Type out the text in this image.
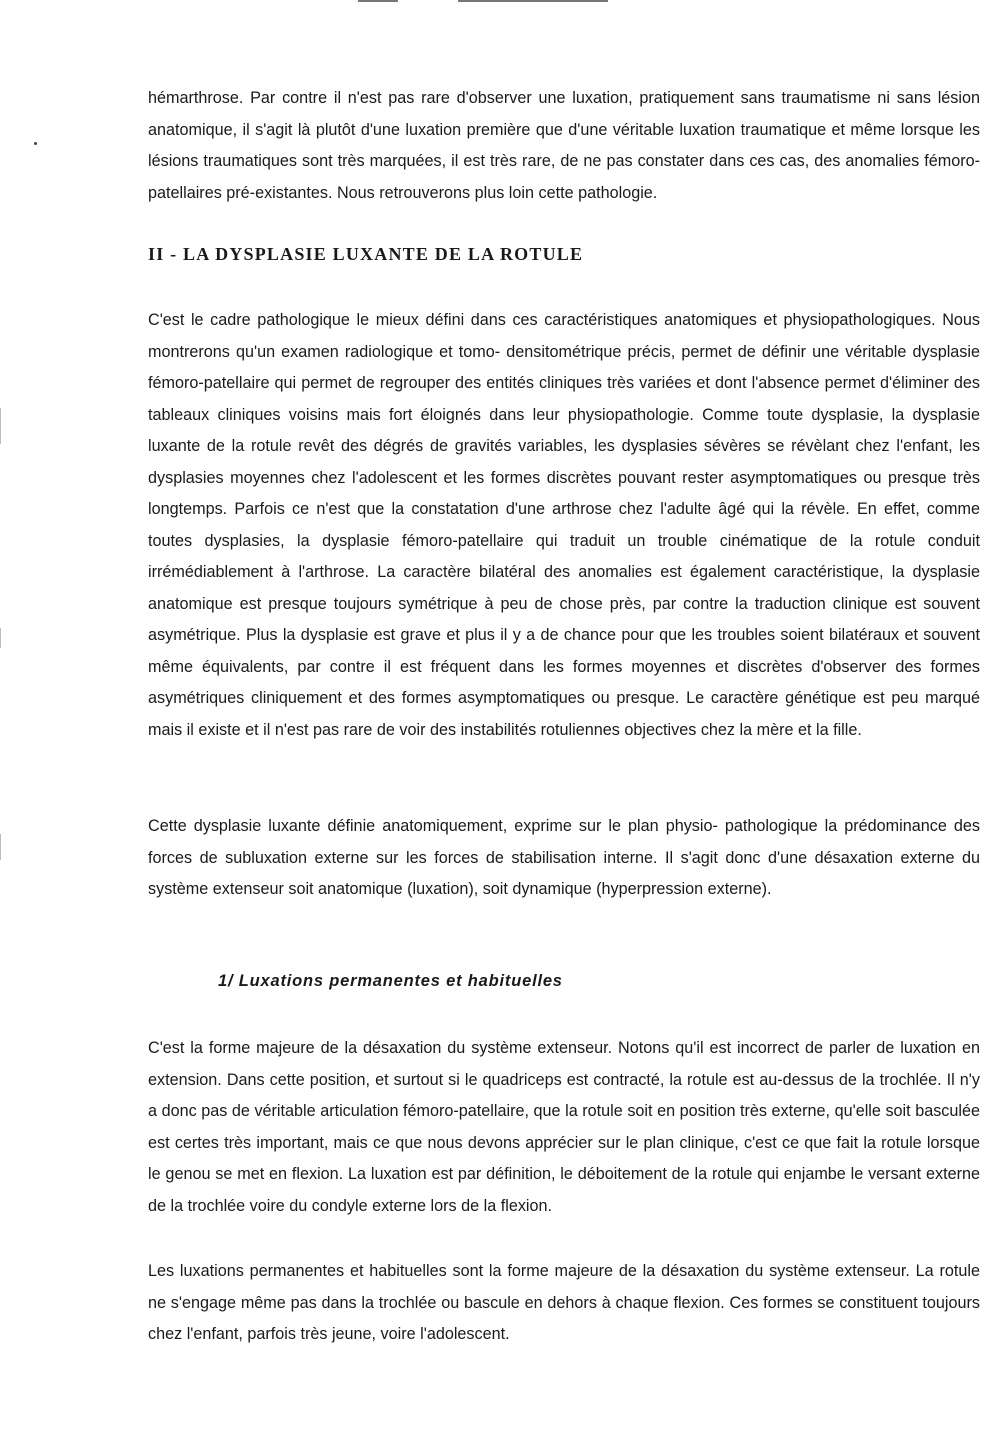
hémarthrose. Par contre il n'est pas rare d'observer une luxation, pratiquement sans traumatisme ni sans lésion anatomique, il s'agit là plutôt d'une luxation première que d'une véritable luxation traumatique et même lorsque les lésions traumatiques sont très marquées, il est très rare, de ne pas constater dans ces cas, des anomalies fémoro-patellaires pré-existantes. Nous retrouverons plus loin cette pathologie.

II - LA DYSPLASIE LUXANTE DE LA ROTULE

C'est le cadre pathologique le mieux défini dans ces caractéristiques anatomiques et physiopathologiques. Nous montrerons qu'un examen radiologique et tomo- densitométrique précis, permet de définir une véritable dysplasie fémoro-patellaire qui permet de regrouper des entités cliniques très variées et dont l'absence permet d'éliminer des tableaux cliniques voisins mais fort éloignés dans leur physiopathologie. Comme toute dysplasie, la dysplasie luxante de la rotule revêt des dégrés de gravités variables, les dysplasies sévères se révèlant chez l'enfant, les dysplasies moyennes chez l'adolescent et les formes discrètes pouvant rester asymptomatiques ou presque très longtemps. Parfois ce n'est que la constatation d'une arthrose chez l'adulte âgé qui la révèle. En effet, comme toutes dysplasies, la dysplasie fémoro-patellaire qui traduit un trouble cinématique de la rotule conduit irrémédiablement à l'arthrose. La caractère bilatéral des anomalies est également caractéristique, la dysplasie anatomique est presque toujours symétrique à peu de chose près, par contre la traduction clinique est souvent asymétrique. Plus la dysplasie est grave et plus il y a de chance pour que les troubles soient bilatéraux et souvent même équivalents, par contre il est fréquent dans les formes moyennes et discrètes d'observer des formes asymétriques cliniquement et des formes asymptomatiques ou presque. Le caractère génétique est peu marqué mais il existe et il n'est pas rare de voir des instabilités rotuliennes objectives chez la mère et la fille.

Cette dysplasie luxante définie anatomiquement, exprime sur le plan physio- pathologique la prédominance des forces de subluxation externe sur les forces de stabilisation interne. Il s'agit donc d'une désaxation externe du système extenseur soit anatomique (luxation), soit dynamique (hyperpression externe).

1/ Luxations permanentes et habituelles

C'est la forme majeure de la désaxation du système extenseur. Notons qu'il est incorrect de parler de luxation en extension. Dans cette position, et surtout si le quadriceps est contracté, la rotule est au-dessus de la trochlée. Il n'y a donc pas de véritable articulation fémoro-patellaire, que la rotule soit en position très externe, qu'elle soit basculée est certes très important, mais ce que nous devons apprécier sur le plan clinique, c'est ce que fait la rotule lorsque le genou se met en flexion. La luxation est par définition, le déboitement de la rotule qui enjambe le versant externe de la trochlée voire du condyle externe lors de la flexion.

Les luxations permanentes et habituelles sont la forme majeure de la désaxation du système extenseur. La rotule ne s'engage même pas dans la trochlée ou bascule en dehors à chaque flexion. Ces formes se constituent toujours chez l'enfant, parfois très jeune, voire l'adolescent.
